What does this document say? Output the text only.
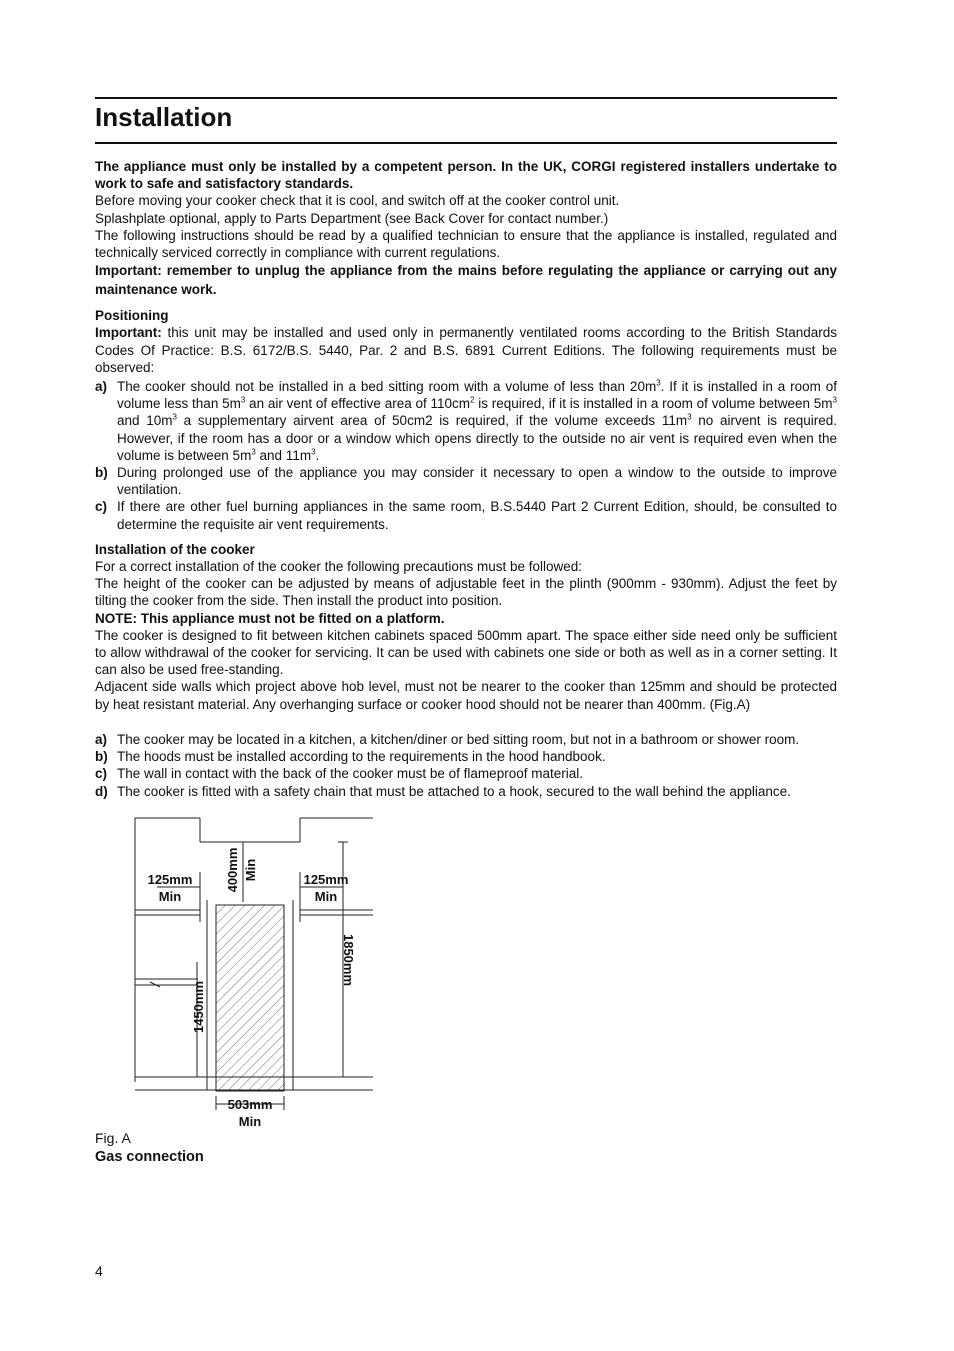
Installation

The appliance must only be installed by a competent person. In the UK, CORGI registered installers undertake to work to safe and satisfactory standards.

Before moving your cooker check that it is cool, and switch off at the cooker control unit.

Splashplate optional, apply to Parts Department (see Back Cover for contact number.)

The following instructions should be read by a qualified technician to ensure that the appliance is installed, regulated and technically serviced correctly in compliance with current regulations.

Important: remember to unplug the appliance from the mains before regulating the appliance or carrying out any maintenance work.

Positioning

Important: this unit may be installed and used only in permanently ventilated rooms according to the British Standards Codes Of Practice: B.S. 6172/B.S. 5440, Par. 2 and B.S. 6891 Current Editions. The following requirements must be observed:

a) The cooker should not be installed in a bed sitting room with a volume of less than $20m^3$. If it is installed in a room of volume less than $5m^3$ an air vent of effective area of $110cm^2$ is required, if it is installed in a room of volume between $5m^3$ and $10m^3$ a supplementary airvent area of 50cm2 is required, if the volume exceeds $11m^3$ no airvent is required. However, if the room has a door or a window which opens directly to the outside no air vent is required even when the volume is between $5m^3$ and $11m^3$.
b) During prolonged use of the appliance you may consider it necessary to open a window to the outside to improve ventilation.
c) If there are other fuel burning appliances in the same room, B.S.5440 Part 2 Current Edition, should, be consulted to determine the requisite air vent requirements.

Installation of the cooker

For a correct installation of the cooker the following precautions must be followed:

The height of the cooker can be adjusted by means of adjustable feet in the plinth (900mm - 930mm). Adjust the feet by tilting the cooker from the side. Then install the product into position.

NOTE: This appliance must not be fitted on a platform.

The cooker is designed to fit between kitchen cabinets spaced 500mm apart. The space either side need only be sufficient to allow withdrawal of the cooker for servicing. It can be used with cabinets one side or both as well as in a corner setting. It can also be used free-standing.

Adjacent side walls which project above hob level, must not be nearer to the cooker than 125mm and should be protected by heat resistant material. Any overhanging surface or cooker hood should not be nearer than 400mm. (Fig.A)

a) The cooker may be located in a kitchen, a kitchen/diner or bed sitting room, but not in a bathroom or shower room.
b) The hoods must be installed according to the requirements in the hood handbook.
c) The wall in contact with the back of the cooker must be of flameproof material.
d) The cooker is fitted with a safety chain that must be attached to a hook, secured to the wall behind the appliance.
125mm
Min
125mm
Min
400mm Min
1450mm
1850mm
503mm
Min
Fig. A
Gas connection
4
